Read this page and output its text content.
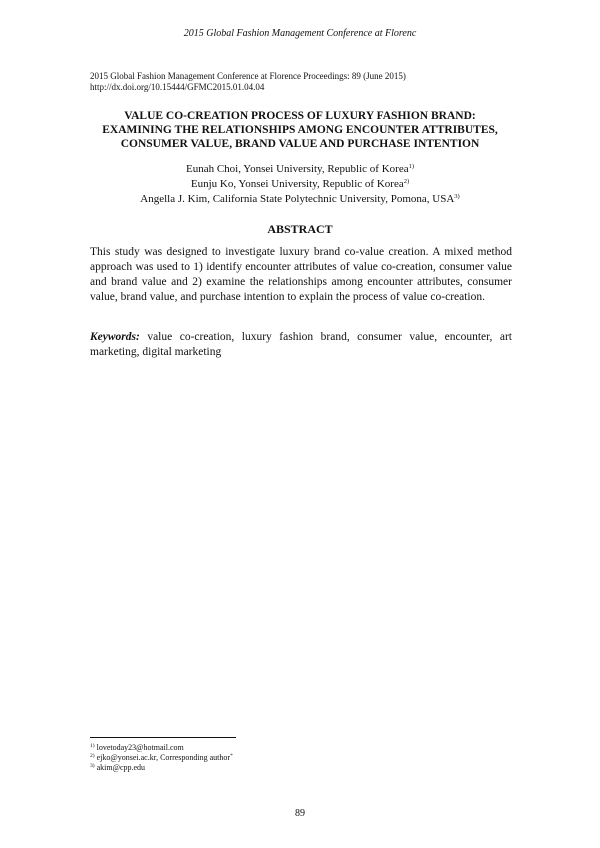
2015 Global Fashion Management Conference at Florenc
2015 Global Fashion Management Conference at Florence Proceedings: 89 (June 2015)
http://dx.doi.org/10.15444/GFMC2015.01.04.04
VALUE CO-CREATION PROCESS OF LUXURY FASHION BRAND:
EXAMINING THE RELATIONSHIPS AMONG ENCOUNTER ATTRIBUTES,
CONSUMER VALUE, BRAND VALUE AND PURCHASE INTENTION
Eunah Choi, Yonsei University, Republic of Korea$^{1)}$
Eunju Ko, Yonsei University, Republic of Korea$^{2)}$
Angella J. Kim, California State Polytechnic University, Pomona, USA$^{3)}$
ABSTRACT
This study was designed to investigate luxury brand co-value creation. A mixed method approach was used to 1) identify encounter attributes of value co-creation, consumer value and brand value and 2) examine the relationships among encounter attributes, consumer value, brand value, and purchase intention to explain the process of value co-creation.
Keywords: value co-creation, luxury fashion brand, consumer value, encounter, art marketing, digital marketing
$^{1)}$ lovetoday23@hotmail.com
$^{2)}$ ejko@yonsei.ac.kr, Corresponding author*
$^{3)}$ akim@cpp.edu
89
